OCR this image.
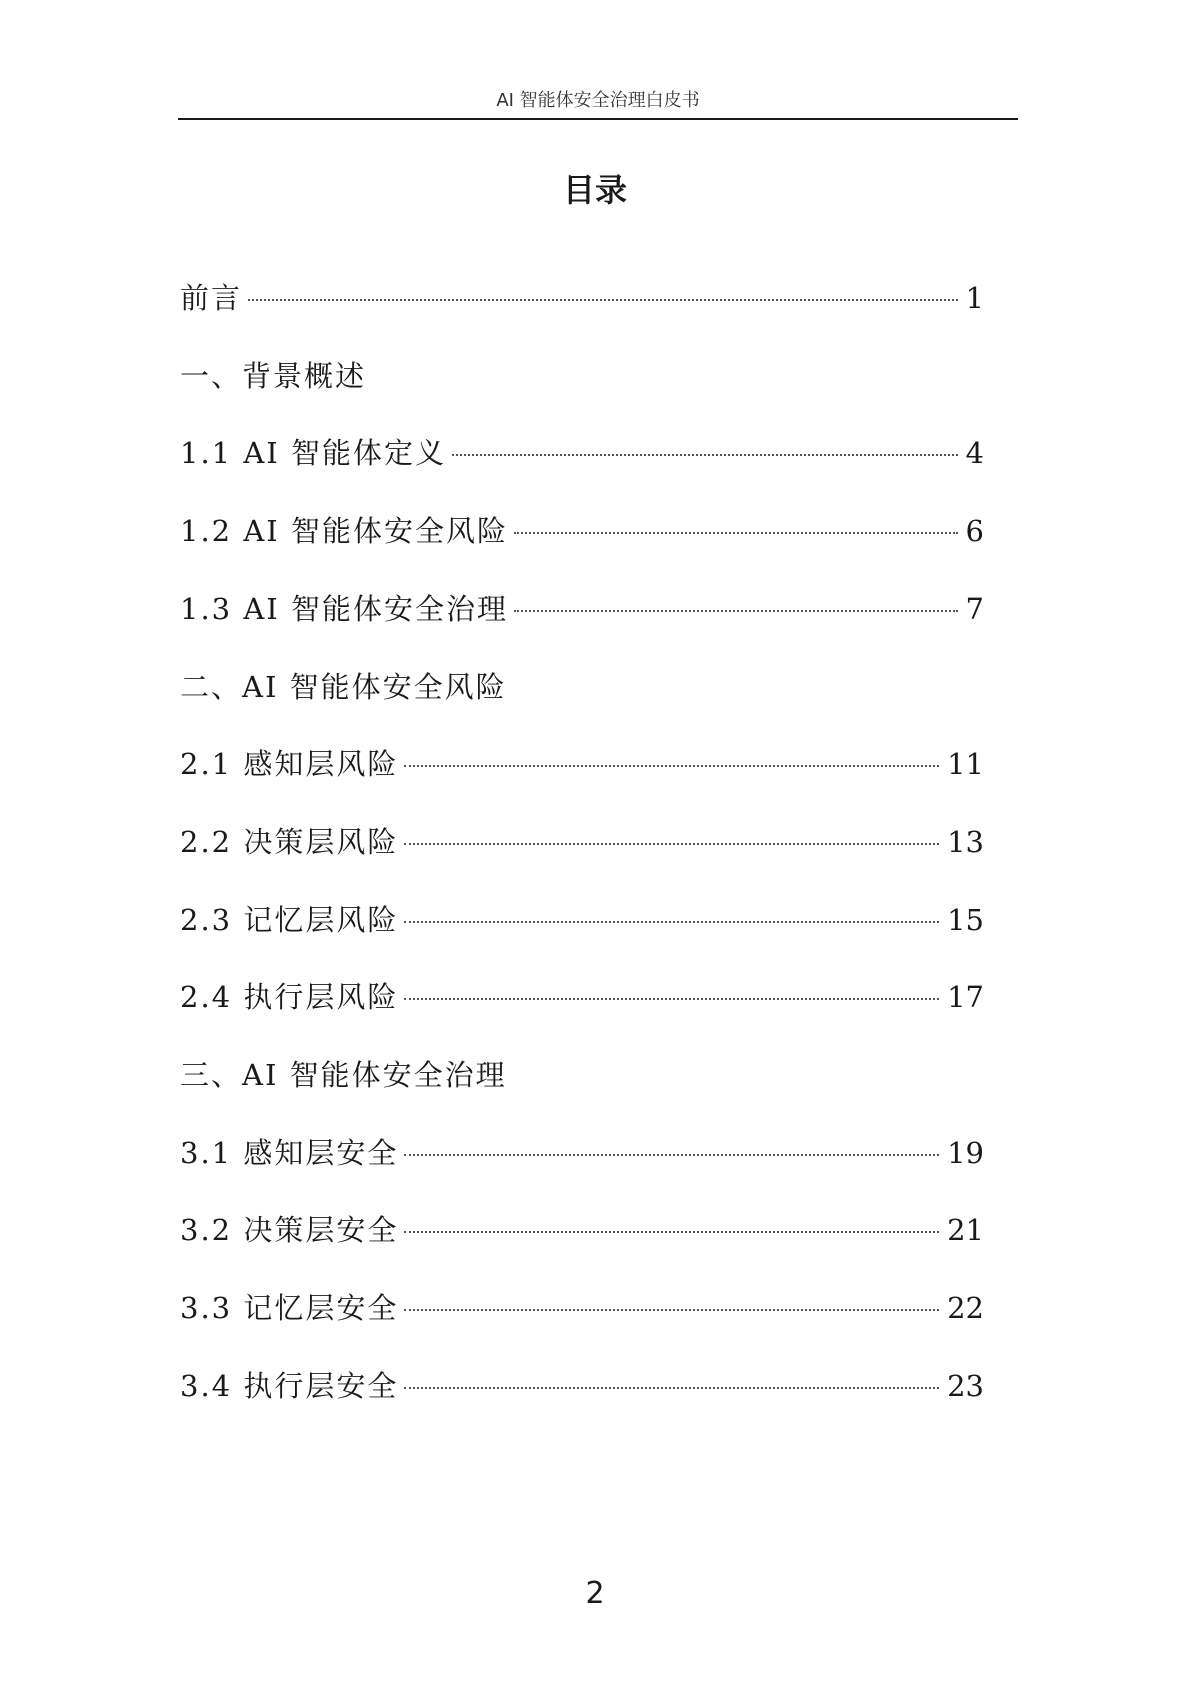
AI 智能体安全治理白皮书
目录
前言	1
一、背景概述
1.1 AI 智能体定义	4
1.2 AI 智能体安全风险	6
1.3 AI 智能体安全治理	7
二、AI 智能体安全风险
2.1 感知层风险	11
2.2 决策层风险	13
2.3 记忆层风险	15
2.4 执行层风险	17
三、AI 智能体安全治理
3.1 感知层安全	19
3.2 决策层安全	21
3.3 记忆层安全	22
3.4 执行层安全	23
2
